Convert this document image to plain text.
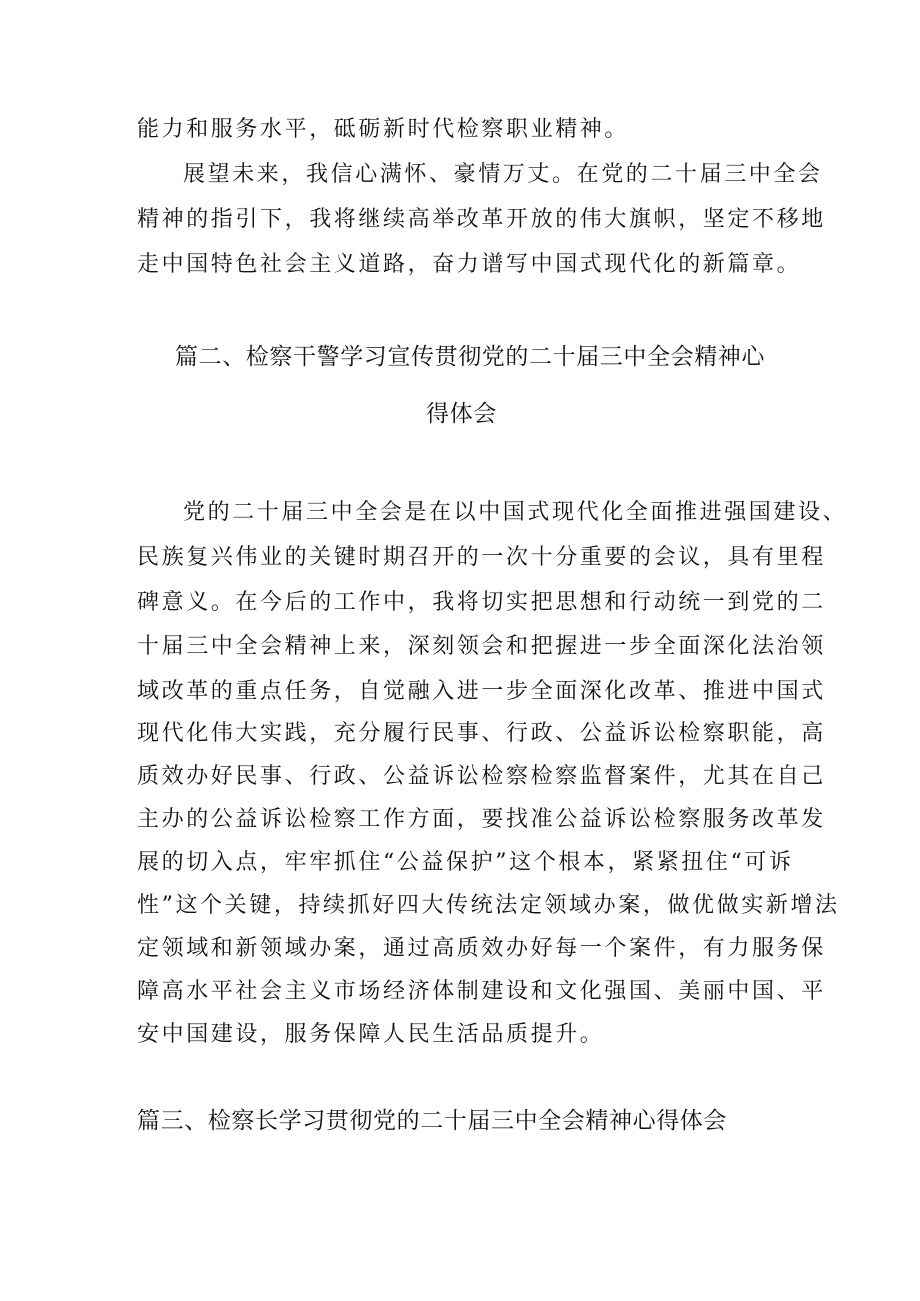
能力和服务水平，砥砺新时代检察职业精神。
展望未来，我信心满怀、豪情万丈。在党的二十届三中全会
精神的指引下，我将继续高举改革开放的伟大旗帜，坚定不移地
走中国特色社会主义道路，奋力谱写中国式现代化的新篇章。
篇二、检察干警学习宣传贯彻党的二十届三中全会精神心
得体会
党的二十届三中全会是在以中国式现代化全面推进强国建设、
民族复兴伟业的关键时期召开的一次十分重要的会议，具有里程
碑意义。在今后的工作中，我将切实把思想和行动统一到党的二
十届三中全会精神上来，深刻领会和把握进一步全面深化法治领
域改革的重点任务，自觉融入进一步全面深化改革、推进中国式
现代化伟大实践，充分履行民事、行政、公益诉讼检察职能，高
质效办好民事、行政、公益诉讼检察检察监督案件，尤其在自己
主办的公益诉讼检察工作方面，要找准公益诉讼检察服务改革发
展的切入点，牢牢抓住“公益保护”这个根本，紧紧扭住“可诉
性”这个关键，持续抓好四大传统法定领域办案，做优做实新增法
定领域和新领域办案，通过高质效办好每一个案件，有力服务保
障高水平社会主义市场经济体制建设和文化强国、美丽中国、平
安中国建设，服务保障人民生活品质提升。
篇三、检察长学习贯彻党的二十届三中全会精神心得体会
